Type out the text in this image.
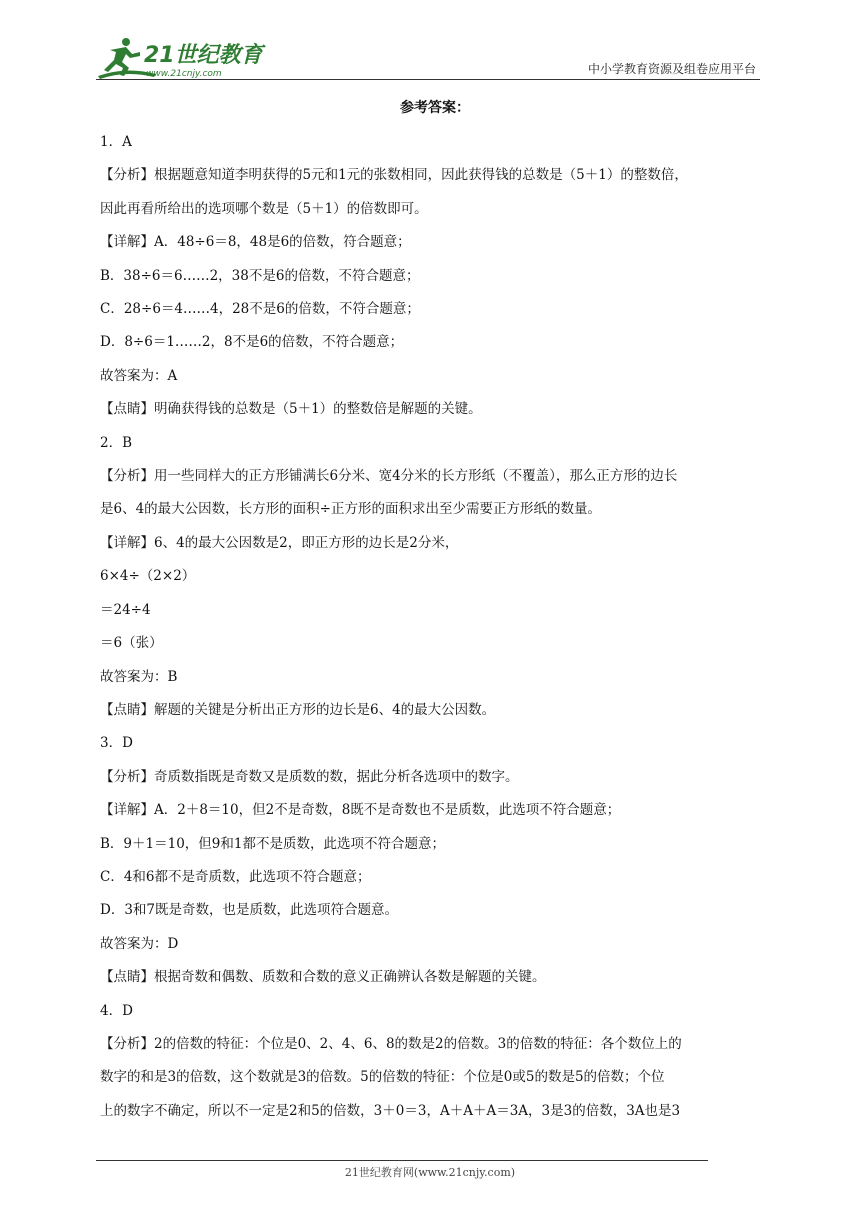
21世纪教育
www.21cnjy.com	中小学教育资源及组卷应用平台
参考答案：

1．A

【分析】根据题意知道李明获得的5元和1元的张数相同，因此获得钱的总数是（5＋1）的整数倍，

因此再看所给出的选项哪个数是（5＋1）的倍数即可。

【详解】A．48÷6＝8，48是6的倍数，符合题意；

B．38÷6＝6……2，38不是6的倍数，不符合题意；

C．28÷6＝4……4，28不是6的倍数，不符合题意；

D．8÷6＝1……2，8不是6的倍数，不符合题意；

故答案为：A

【点睛】明确获得钱的总数是（5＋1）的整数倍是解题的关键。

2．B

【分析】用一些同样大的正方形铺满长6分米、宽4分米的长方形纸（不覆盖），那么正方形的边长

是6、4的最大公因数，长方形的面积÷正方形的面积求出至少需要正方形纸的数量。

【详解】6、4的最大公因数是2，即正方形的边长是2分米，

6×4÷（2×2）

＝24÷4

＝6（张）

故答案为：B

【点睛】解题的关键是分析出正方形的边长是6、4的最大公因数。

3．D

【分析】奇质数指既是奇数又是质数的数，据此分析各选项中的数字。

【详解】A．2＋8＝10，但2不是奇数，8既不是奇数也不是质数，此选项不符合题意；

B．9＋1＝10，但9和1都不是质数，此选项不符合题意；

C．4和6都不是奇质数，此选项不符合题意；

D．3和7既是奇数，也是质数，此选项符合题意。

故答案为：D

【点睛】根据奇数和偶数、质数和合数的意义正确辨认各数是解题的关键。

4．D

【分析】2的倍数的特征：个位是0、2、4、6、8的数是2的倍数。3的倍数的特征：各个数位上的

数字的和是3的倍数，这个数就是3的倍数。5的倍数的特征：个位是0或5的数是5的倍数；个位

上的数字不确定，所以不一定是2和5的倍数，3＋0＝3，A＋A＋A＝3A，3是3的倍数，3A也是3

21世纪教育网(www.21cnjy.com)
